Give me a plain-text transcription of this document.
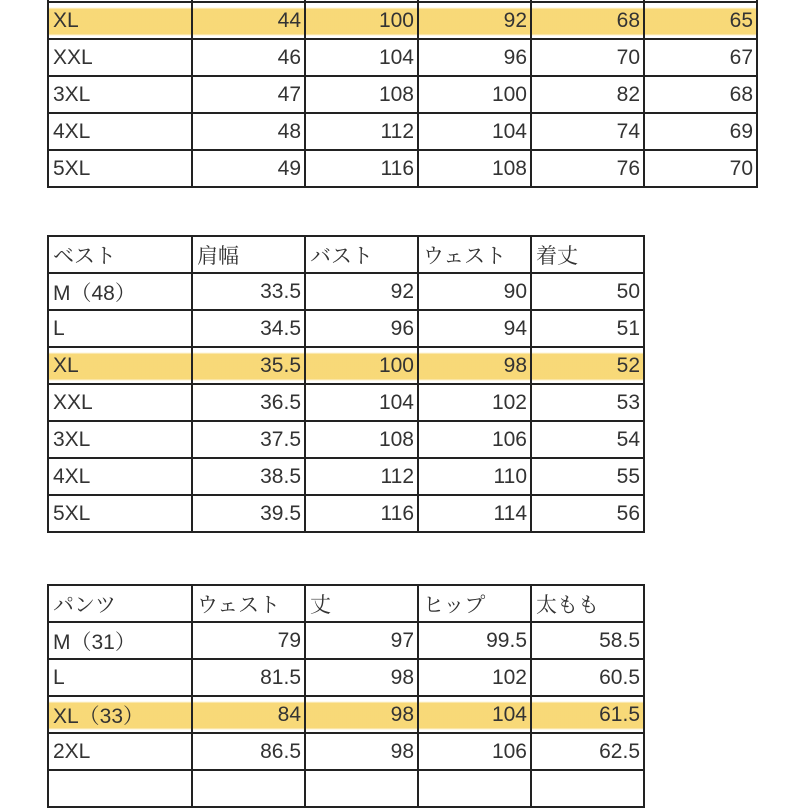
XL	44	100	92	68	65
XXL	46	104	96	70	67
3XL	47	108	100	82	68
4XL	48	112	104	74	69
5XL	49	116	108	76	70
ベスト	肩幅	バスト	ウェスト	着丈
M（48）	33.5	92	90	50
L	34.5	96	94	51
XL	35.5	100	98	52
XXL	36.5	104	102	53
3XL	37.5	108	106	54
4XL	38.5	112	110	55
5XL	39.5	116	114	56
パンツ	ウェスト	丈	ヒップ	太もも
M（31）	79	97	99.5	58.5
L	81.5	98	102	60.5
XL（33）	84	98	104	61.5
2XL	86.5	98	106	62.5
